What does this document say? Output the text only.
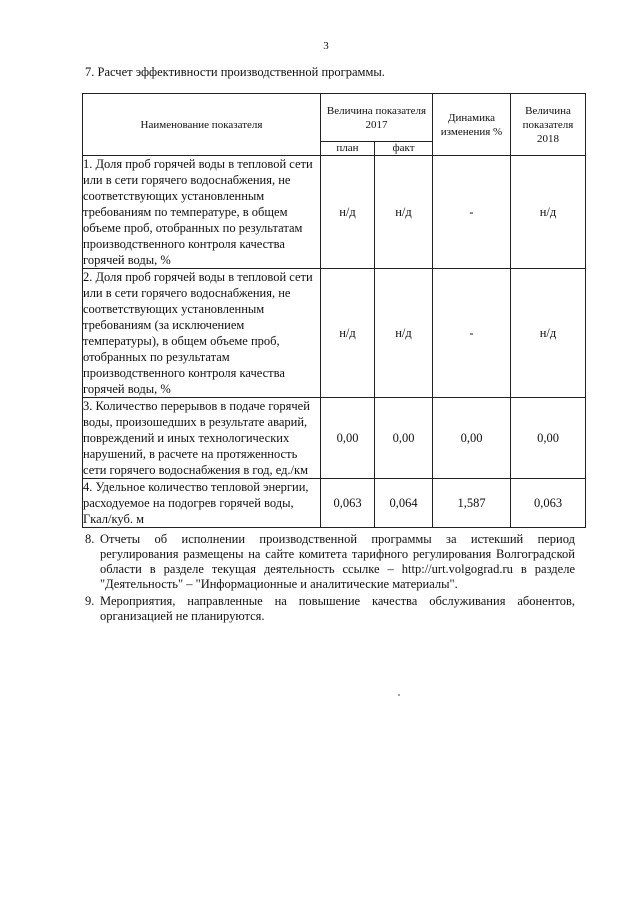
3
7. Расчет эффективности производственной программы.
Наименование показателя	Величина показателя 2017		Динамика изменения %	Величина показателя 2018
	план	факт		
1. Доля проб горячей воды в тепловой сети или в сети горячего водоснабжения, не соответствующих установленным требованиям по температуре, в общем объеме проб, отобранных по результатам производственного контроля качества горячей воды, %	н/д	н/д	-	н/д
2. Доля проб горячей воды в тепловой сети или в сети горячего водоснабжения, не соответствующих установленным требованиям (за исключением температуры), в общем объеме проб, отобранных по результатам производственного контроля качества горячей воды, %	н/д	н/д	-	н/д
3. Количество перерывов в подаче горячей воды, произошедших в результате аварий, повреждений и иных технологических нарушений, в расчете на протяженность сети горячего водоснабжения в год, ед./км	0,00	0,00	0,00	0,00
4. Удельное количество тепловой энергии, расходуемое на подогрев горячей воды, Гкал/куб. м	0,063	0,064	1,587	0,063
8. Отчеты об исполнении производственной программы за истекший период регулирования размещены на сайте комитета тарифного регулирования Волгоградской области в разделе текущая деятельность ссылке – http://urt.volgograd.ru в разделе "Деятельность" – "Информационные и аналитические материалы".
9. Мероприятия, направленные на повышение качества обслуживания абонентов, организацией не планируются.
